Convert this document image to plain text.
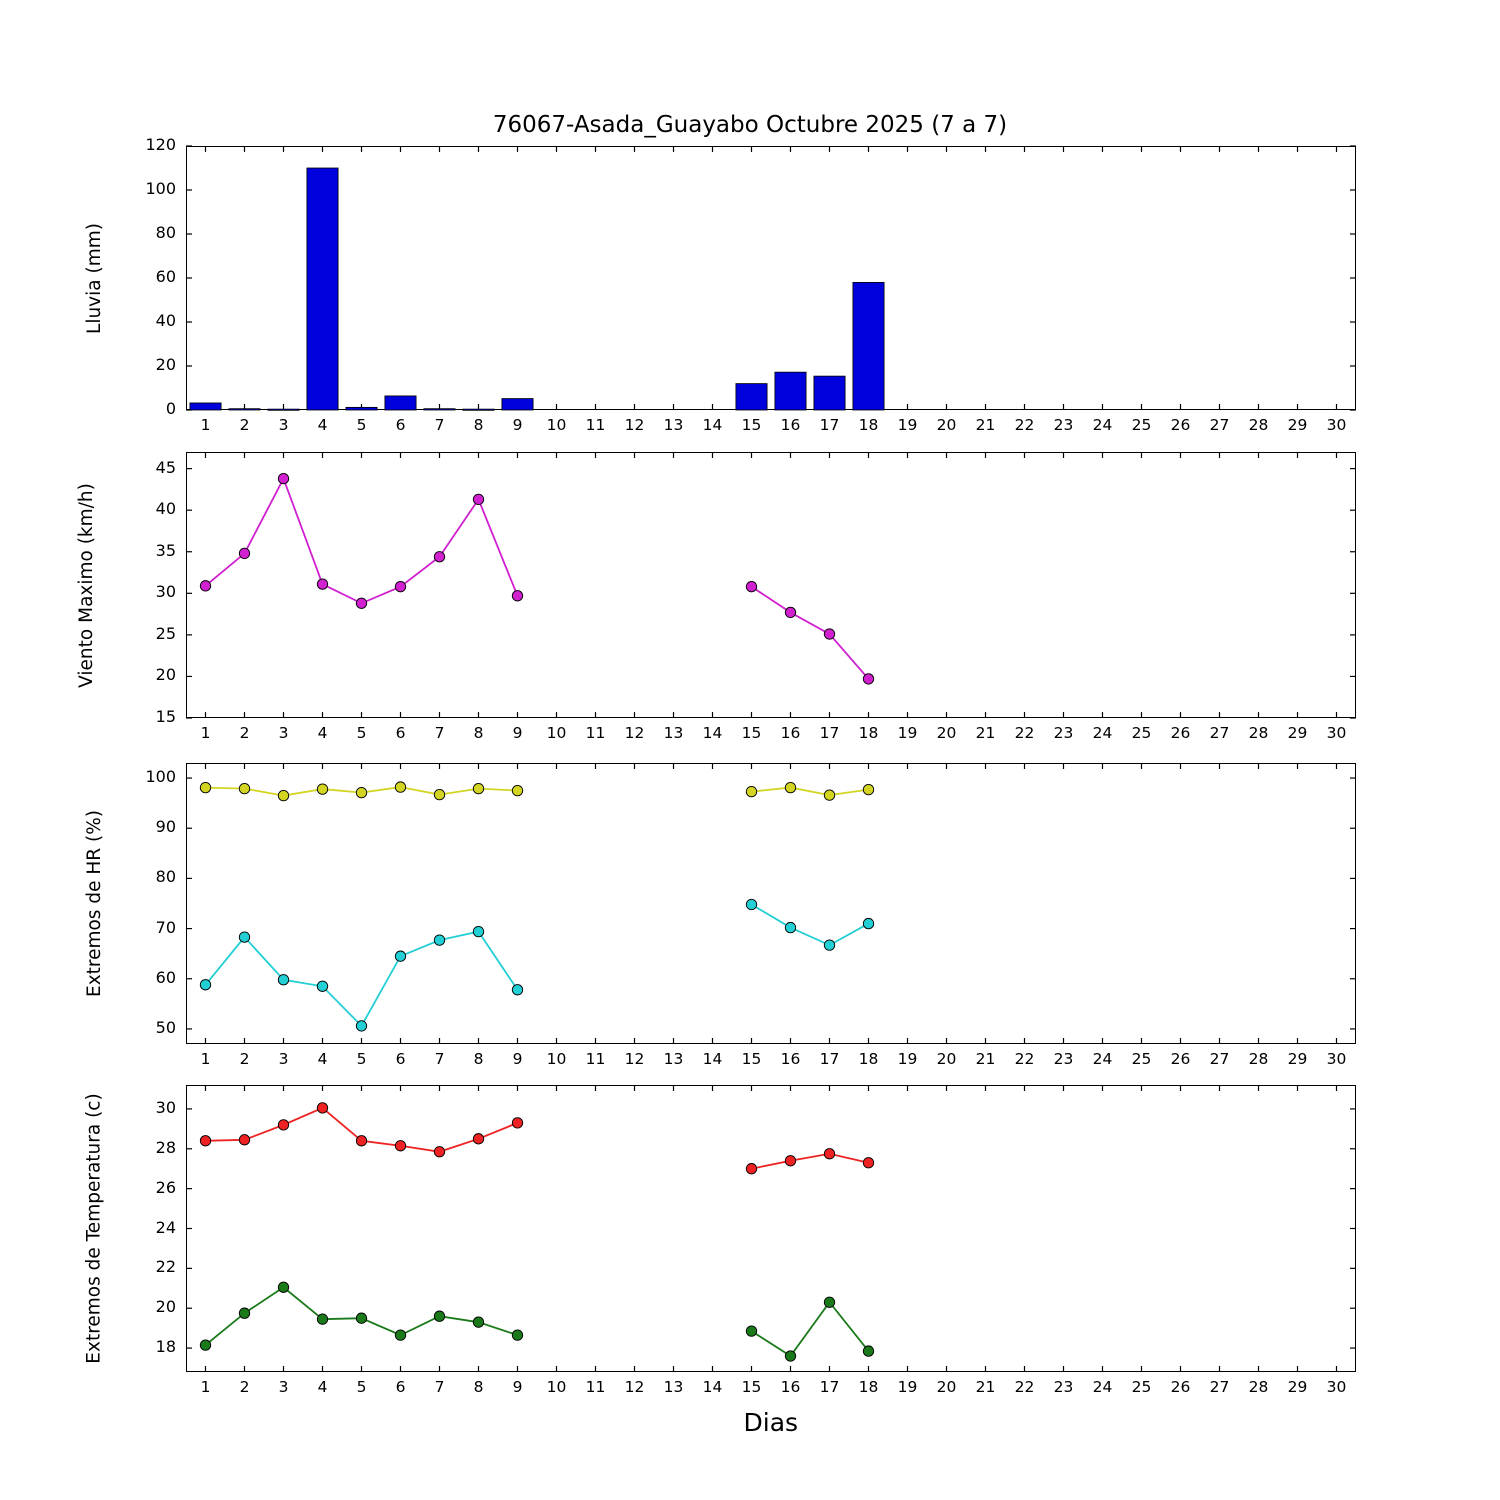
76067-Asada_Guayabo Octubre 2025 (7 a 7)
Lluvia (mm)
Viento Maximo (km/h)
Extremos de HR (%)
Extremos de Temperatura (c)
Dias
1	2	3	4	5	6	7	8	9	10	11	12	13	14	15	16	17	18	19	20	21	22	23	24	25	26	27	28	29	30
0
20
40
60
80
100
120
1	2	3	4	5	6	7	8	9	10	11	12	13	14	15	16	17	18	19	20	21	22	23	24	25	26	27	28	29	30
15
20
25
30
35
40
45
1	2	3	4	5	6	7	8	9	10	11	12	13	14	15	16	17	18	19	20	21	22	23	24	25	26	27	28	29	30
50
60
70
80
90
100
1	2	3	4	5	6	7	8	9	10	11	12	13	14	15	16	17	18	19	20	21	22	23	24	25	26	27	28	29	30
18
20
22
24
26
28
30
